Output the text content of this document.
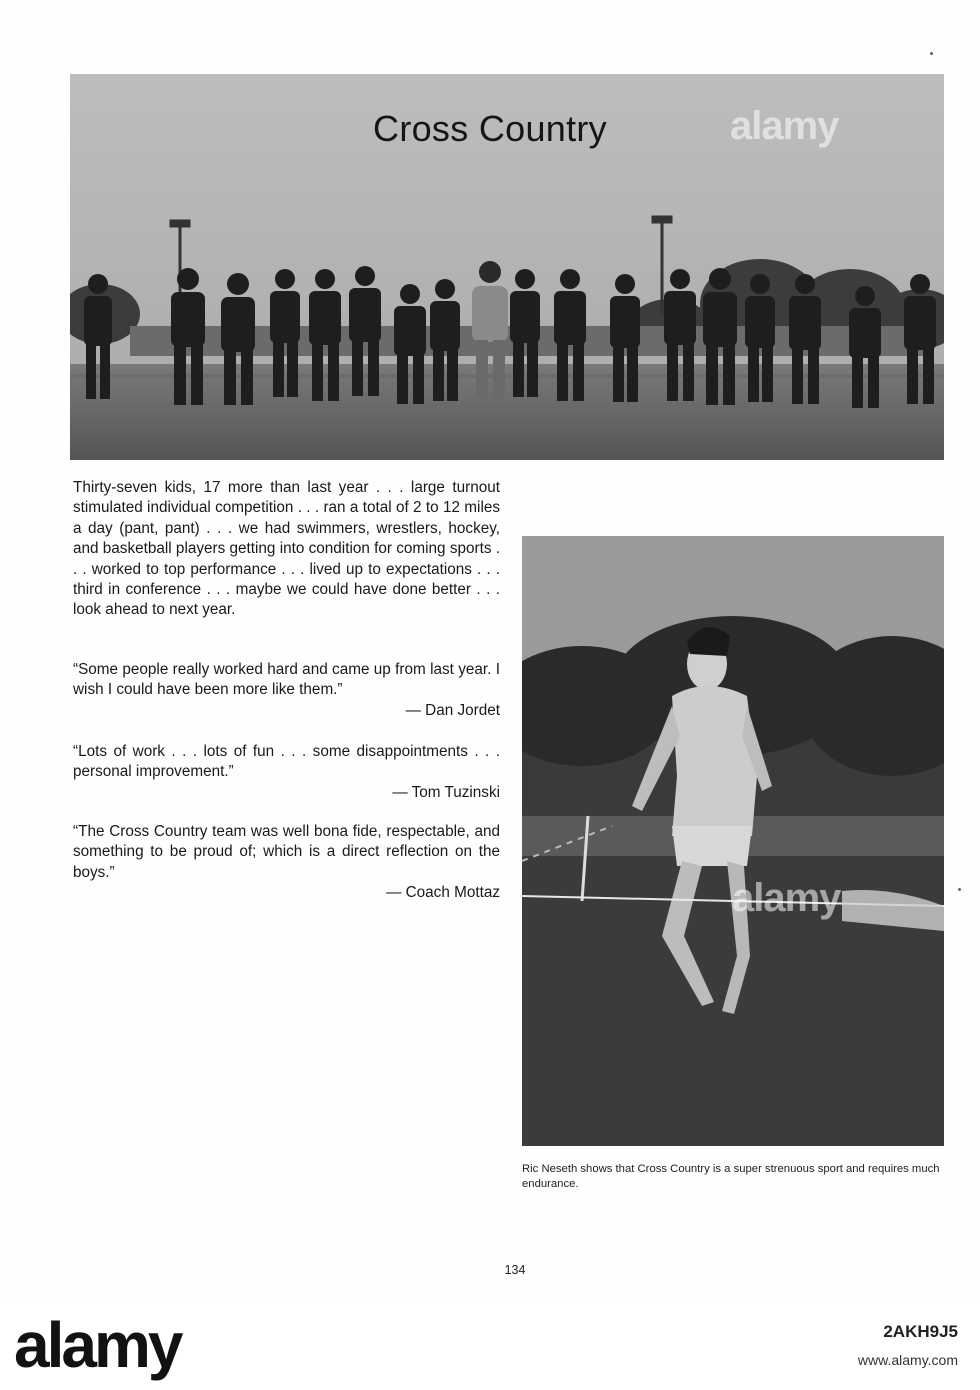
alamy
Cross Country
Thirty-seven kids, 17 more than last year . . . large turnout stimulated individual competition . . . ran a total of 2 to 12 miles a day (pant, pant) . . . we had swimmers, wrestlers, hockey, and basketball players getting into condition for coming sports . . . worked to top performance . . . lived up to expectations . . . third in conference . . . maybe we could have done better . . . look ahead to next year.
“Some people really worked hard and came up from last year. I wish I could have been more like them.”
— Dan Jordet
“Lots of work . . . lots of fun . . . some disappointments . . . personal improvement.”
— Tom Tuzinski
“The Cross Country team was well bona fide, respectable, and something to be proud of; which is a direct reflection on the boys.”
— Coach Mottaz	alamy
Ric Neseth shows that Cross Country is a super strenuous sport and requires much endurance.
134
alamy	2AKH9J5
www.alamy.com
